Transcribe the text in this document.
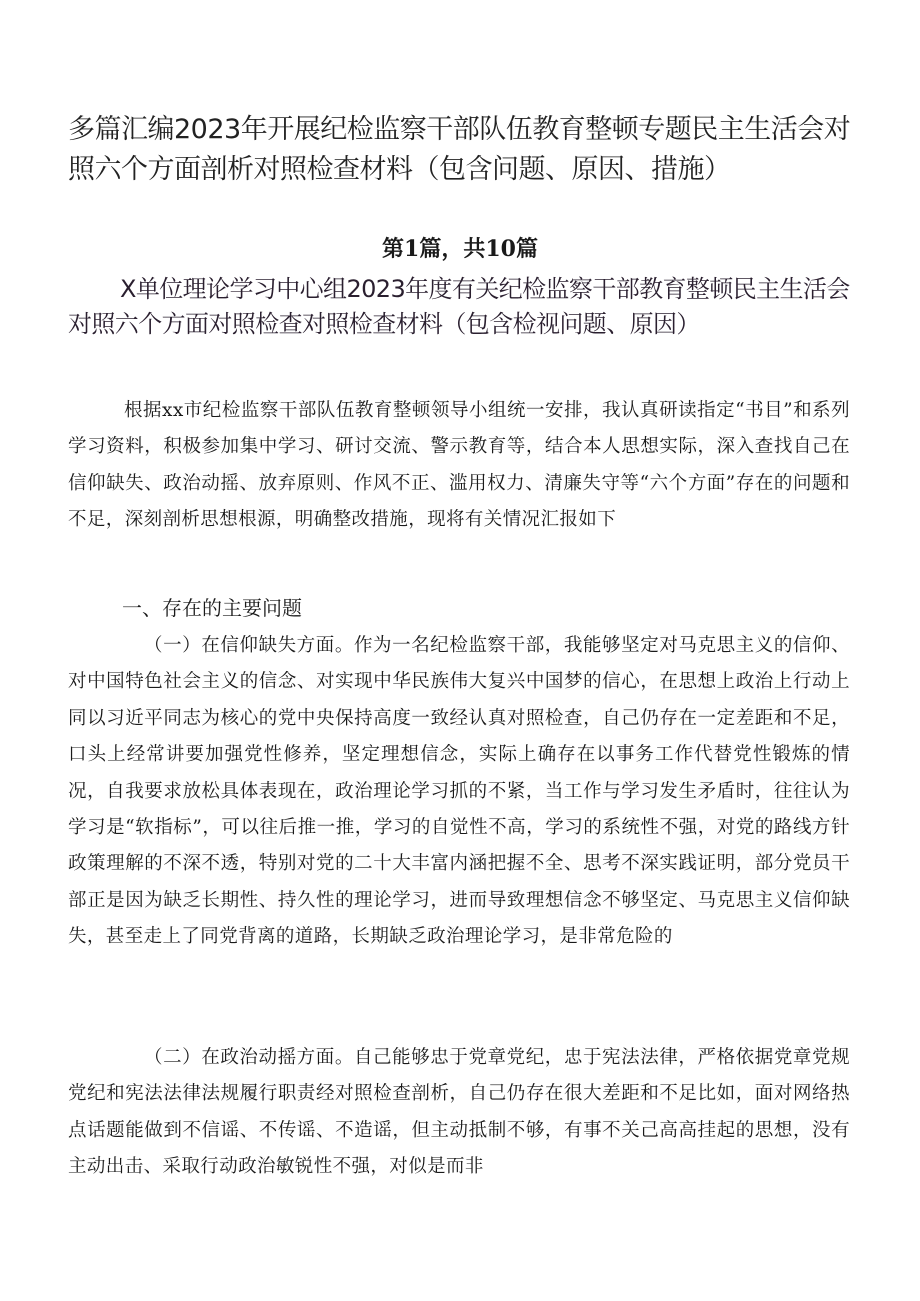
多篇汇编2023年开展纪检监察干部队伍教育整顿专题民主生活会对照六个方面剖析对照检查材料（包含问题、原因、措施）
第1篇，共10篇
X单位理论学习中心组2023年度有关纪检监察干部教育整顿民主生活会对照六个方面对照检查对照检查材料（包含检视问题、原因）

根据xx市纪检监察干部队伍教育整顿领导小组统一安排，我认真研读指定“书目”和系列学习资料，积极参加集中学习、研讨交流、警示教育等，结合本人思想实际，深入查找自己在信仰缺失、政治动摇、放弃原则、作风不正、滥用权力、清廉失守等“六个方面”存在的问题和不足，深刻剖析思想根源，明确整改措施，现将有关情况汇报如下

一、存在的主要问题

（一）在信仰缺失方面。作为一名纪检监察干部，我能够坚定对马克思主义的信仰、对中国特色社会主义的信念、对实现中华民族伟大复兴中国梦的信心，在思想上政治上行动上同以习近平同志为核心的党中央保持高度一致经认真对照检查，自己仍存在一定差距和不足，口头上经常讲要加强党性修养，坚定理想信念，实际上确存在以事务工作代替党性锻炼的情况，自我要求放松具体表现在，政治理论学习抓的不紧，当工作与学习发生矛盾时，往往认为学习是“软指标”，可以往后推一推，学习的自觉性不高，学习的系统性不强，对党的路线方针政策理解的不深不透，特别对党的二十大丰富内涵把握不全、思考不深实践证明，部分党员干部正是因为缺乏长期性、持久性的理论学习，进而导致理想信念不够坚定、马克思主义信仰缺失，甚至走上了同党背离的道路，长期缺乏政治理论学习，是非常危险的

（二）在政治动摇方面。自己能够忠于党章党纪，忠于宪法法律，严格依据党章党规党纪和宪法法律法规履行职责经对照检查剖析，自己仍存在很大差距和不足比如，面对网络热点话题能做到不信谣、不传谣、不造谣，但主动抵制不够，有事不关己高高挂起的思想，没有主动出击、采取行动政治敏锐性不强，对似是而非
